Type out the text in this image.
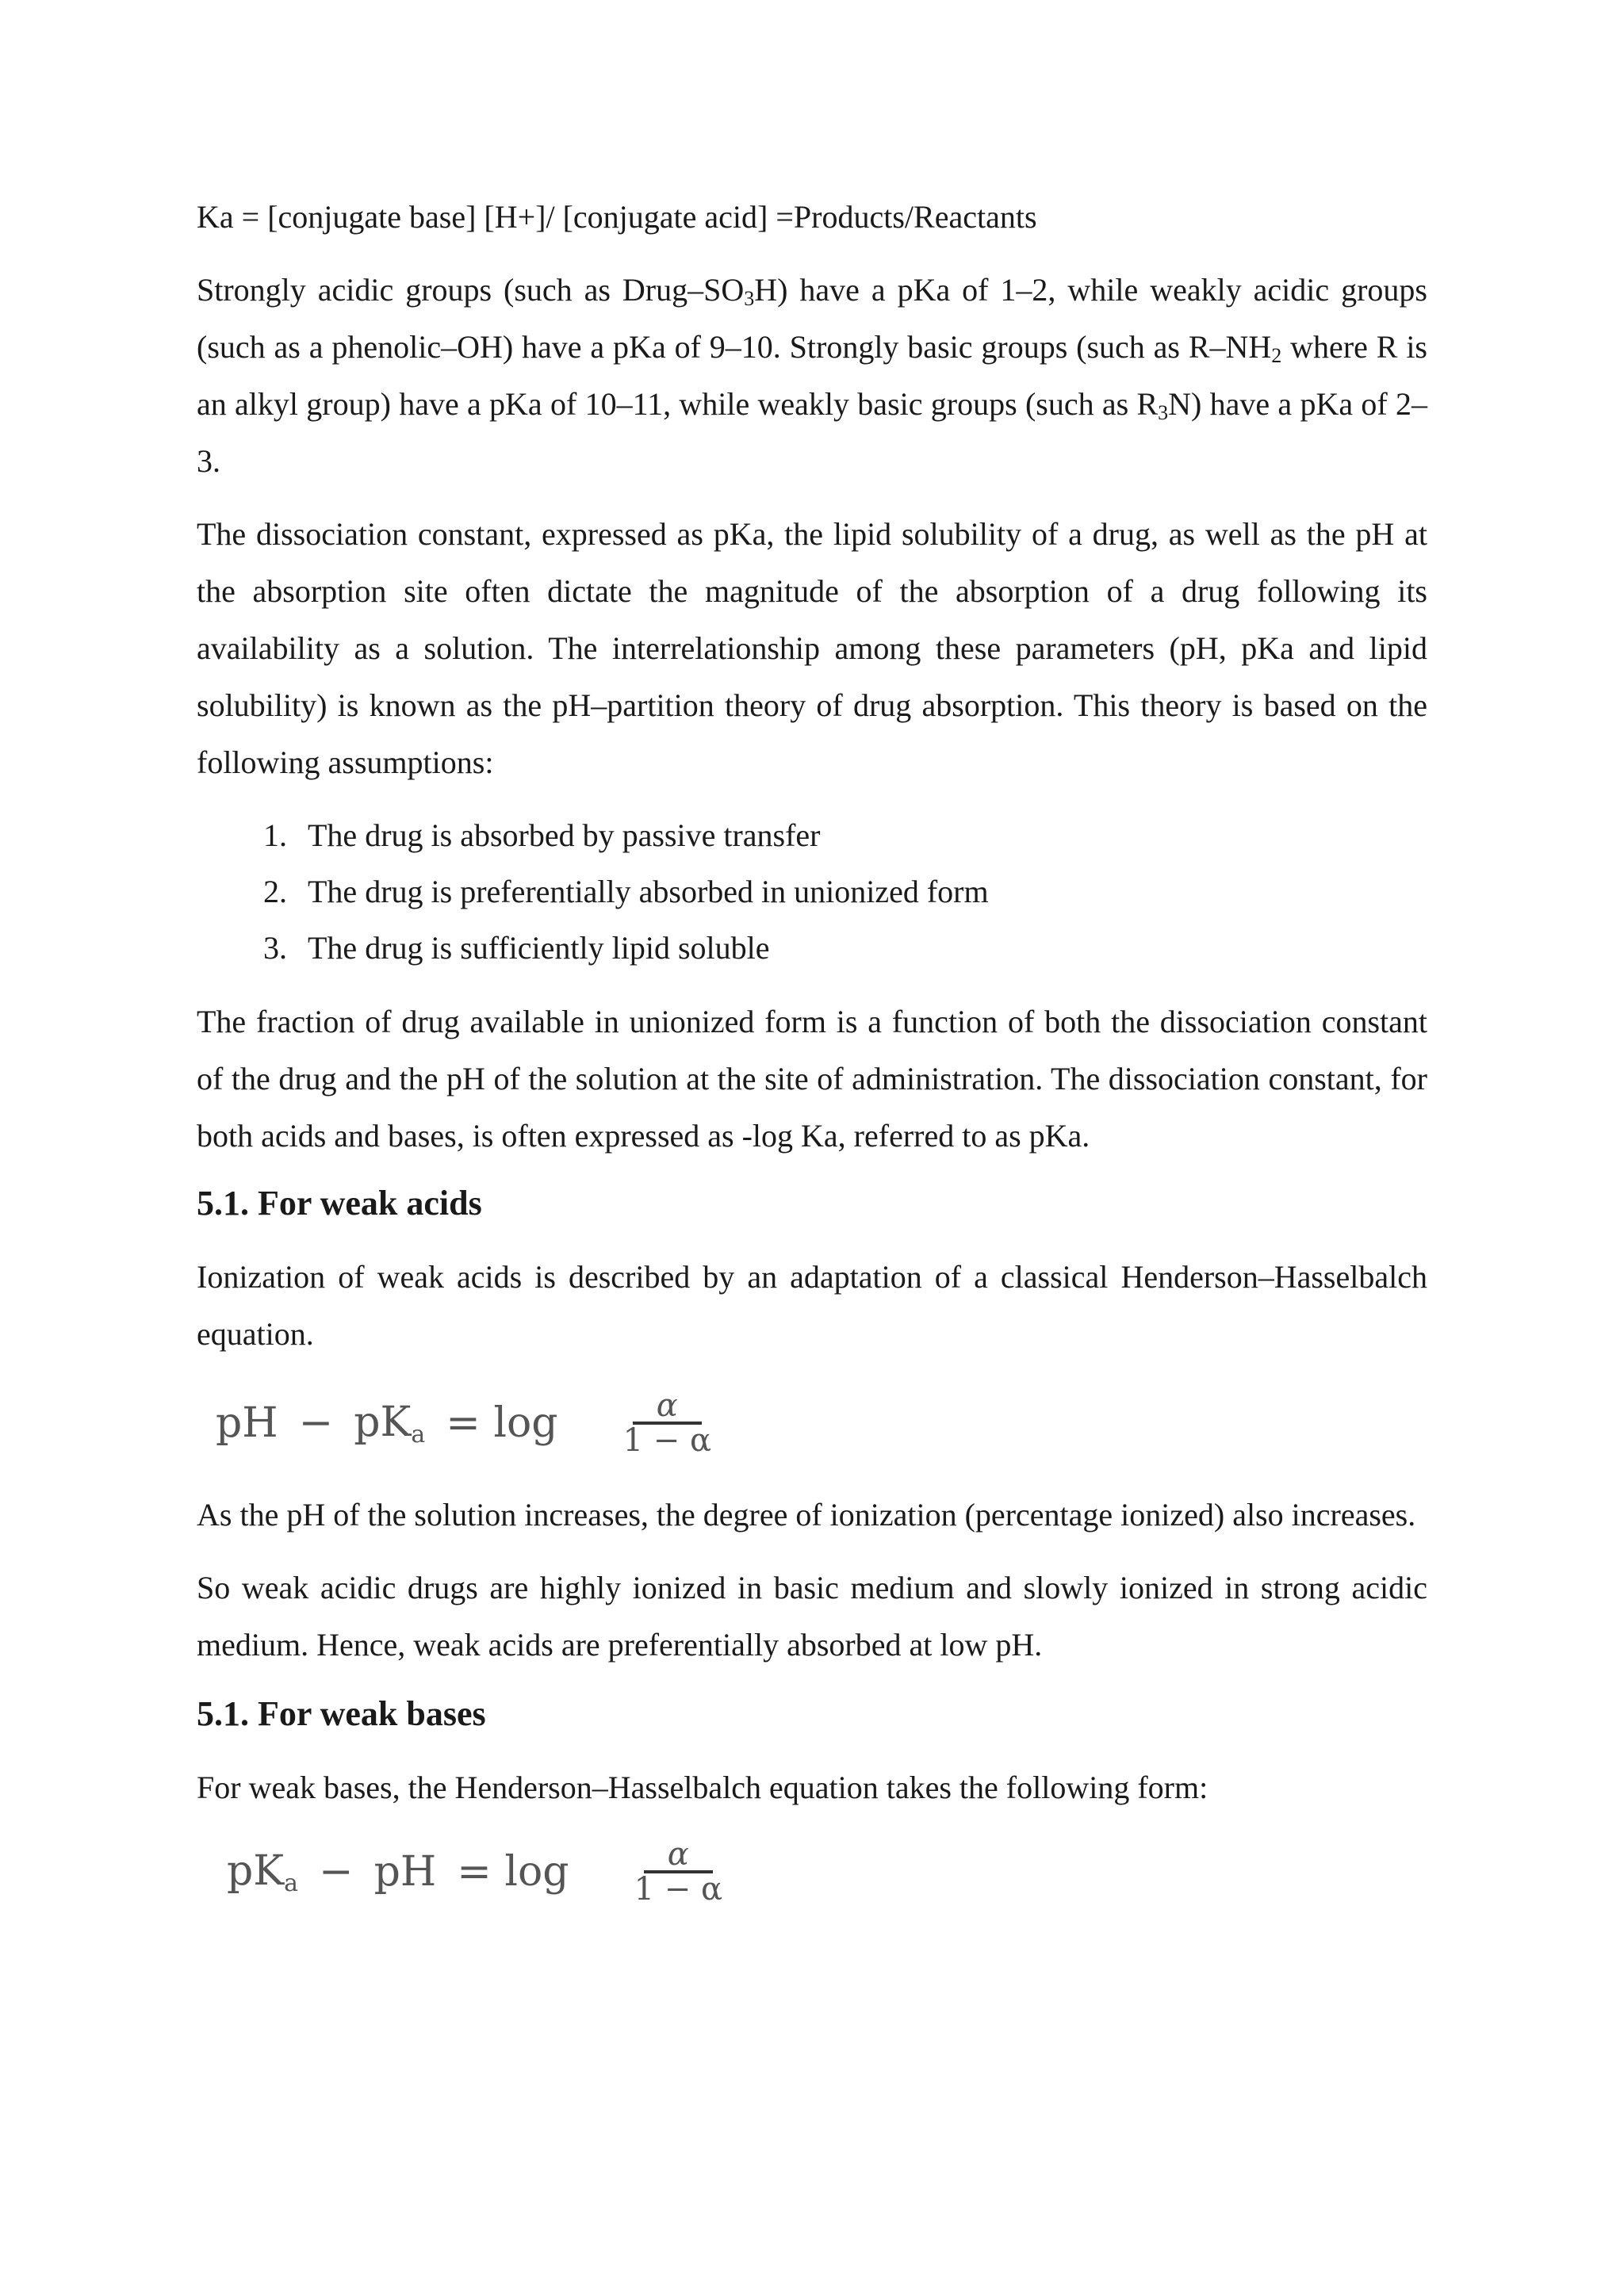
Ka = [conjugate base] [H+]/ [conjugate acid] =Products/Reactants

Strongly acidic groups (such as Drug–$SO_3H$) have a pKa of 1–2, while weakly acidic groups (such as a phenolic–OH) have a pKa of 9–10. Strongly basic groups (such as $R-NH_2$ where R is an alkyl group) have a pKa of 10–11, while weakly basic groups (such as $R_3N$) have a pKa of 2–3.

The dissociation constant, expressed as pKa, the lipid solubility of a drug, as well as the pH at the absorption site often dictate the magnitude of the absorption of a drug following its availability as a solution. The interrelationship among these parameters (pH, pKa and lipid solubility) is known as the pH–partition theory of drug absorption. This theory is based on the following assumptions:

1. The drug is absorbed by passive transfer
2. The drug is preferentially absorbed in unionized form
3. The drug is sufficiently lipid soluble

The fraction of drug available in unionized form is a function of both the dissociation constant of the drug and the pH of the solution at the site of administration. The dissociation constant, for both acids and bases, is often expressed as -log Ka, referred to as pKa.

5.1. For weak acids

Ionization of weak acids is described by an adaptation of a classical Henderson–Hasselbalch equation.

pH − $pK_a = \log \frac{\alpha}{1 - \alpha}$

As the pH of the solution increases, the degree of ionization (percentage ionized) also increases.

So weak acidic drugs are highly ionized in basic medium and slowly ionized in strong acidic medium. Hence, weak acids are preferentially absorbed at low pH.

5.1. For weak bases

For weak bases, the Henderson–Hasselbalch equation takes the following form:

$pK_a$ − pH = $\log \frac{\alpha}{1 - \alpha}$
